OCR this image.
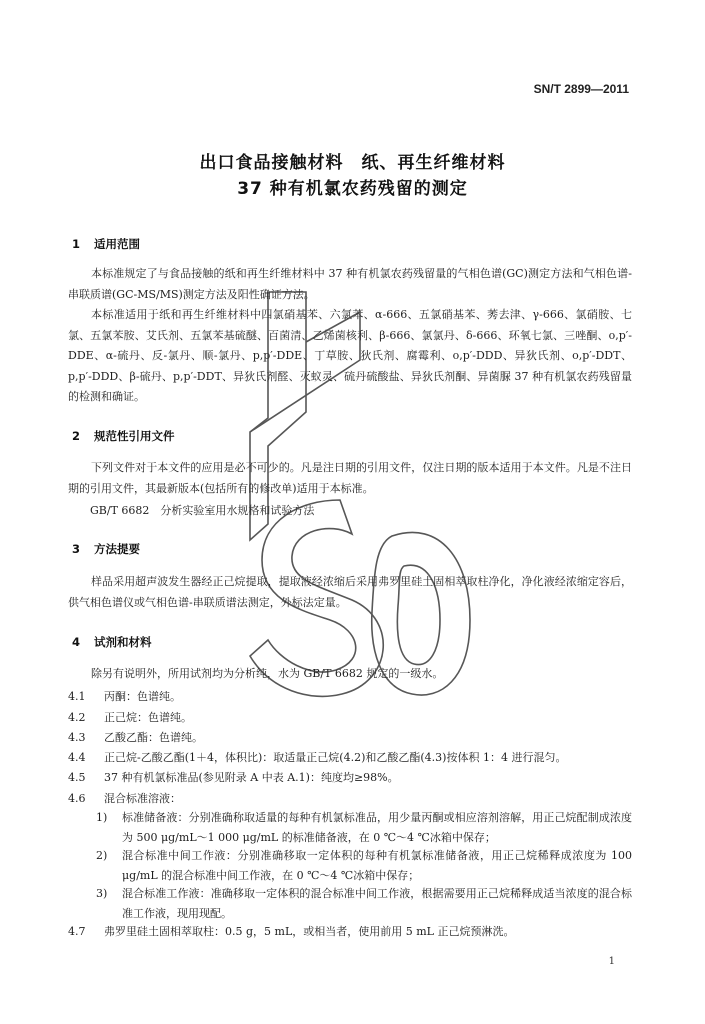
SN/T 2899—2011
出口食品接触材料　纸、再生纤维材料
37 种有机氯农药残留的测定
1 适用范围
本标准规定了与食品接触的纸和再生纤维材料中 37 种有机氯农药残留量的气相色谱(GC)测定方法和气相色谱-串联质谱(GC-MS/MS)测定方法及阳性确证方法。
本标准适用于纸和再生纤维材料中四氯硝基苯、六氯苯、α-666、五氯硝基苯、莠去津、γ-666、氯硝胺、七氯、五氯苯胺、艾氏剂、五氯苯基硫醚、百菌清、乙烯菌核利、β-666、氯氯丹、δ-666、环氧七氯、三唑酮、o,p′-DDE、α-硫丹、反-氯丹、顺-氯丹、p,p′-DDE、丁草胺、狄氏剂、腐霉利、o,p′-DDD、异狄氏剂、o,p′-DDT、p,p′-DDD、β-硫丹、p,p′-DDT、异狄氏剂醛、灭蚁灵、硫丹硫酸盐、异狄氏剂酮、异菌脲 37 种有机氯农药残留量的检测和确证。
2 规范性引用文件
下列文件对于本文件的应用是必不可少的。凡是注日期的引用文件，仅注日期的版本适用于本文件。凡是不注日期的引用文件，其最新版本(包括所有的修改单)适用于本标准。
GB/T 6682　分析实验室用水规格和试验方法
3 方法提要
样品采用超声波发生器经正己烷提取，提取液经浓缩后采用弗罗里硅土固相萃取柱净化，净化液经浓缩定容后，供气相色谱仪或气相色谱-串联质谱法测定，外标法定量。
4 试剂和材料
除另有说明外，所用试剂均为分析纯，水为 GB/T 6682 规定的一级水。
4.1 丙酮：色谱纯。
4.2 正己烷：色谱纯。
4.3 乙酸乙酯：色谱纯。
4.4 正己烷-乙酸乙酯(1＋4，体积比)：取适量正己烷(4.2)和乙酸乙酯(4.3)按体积 1：4 进行混匀。
4.5 37 种有机氯标准品(参见附录 A 中表 A.1)：纯度均≥98%。
4.6 混合标准溶液：
1) 标准储备液：分别准确称取适量的每种有机氯标准品，用少量丙酮或相应溶剂溶解，用正己烷配制成浓度为 500 μg/mL～1 000 μg/mL 的标准储备液，在 0 ℃～4 ℃冰箱中保存；
2) 混合标准中间工作液：分别准确移取一定体积的每种有机氯标准储备液，用正己烷稀释成浓度为 100 μg/mL 的混合标准中间工作液，在 0 ℃～4 ℃冰箱中保存；
3) 混合标准工作液：准确移取一定体积的混合标准中间工作液，根据需要用正己烷稀释成适当浓度的混合标准工作液，现用现配。
4.7 弗罗里硅土固相萃取柱：0.5 g，5 mL，或相当者，使用前用 5 mL 正己烷预淋洗。
1
